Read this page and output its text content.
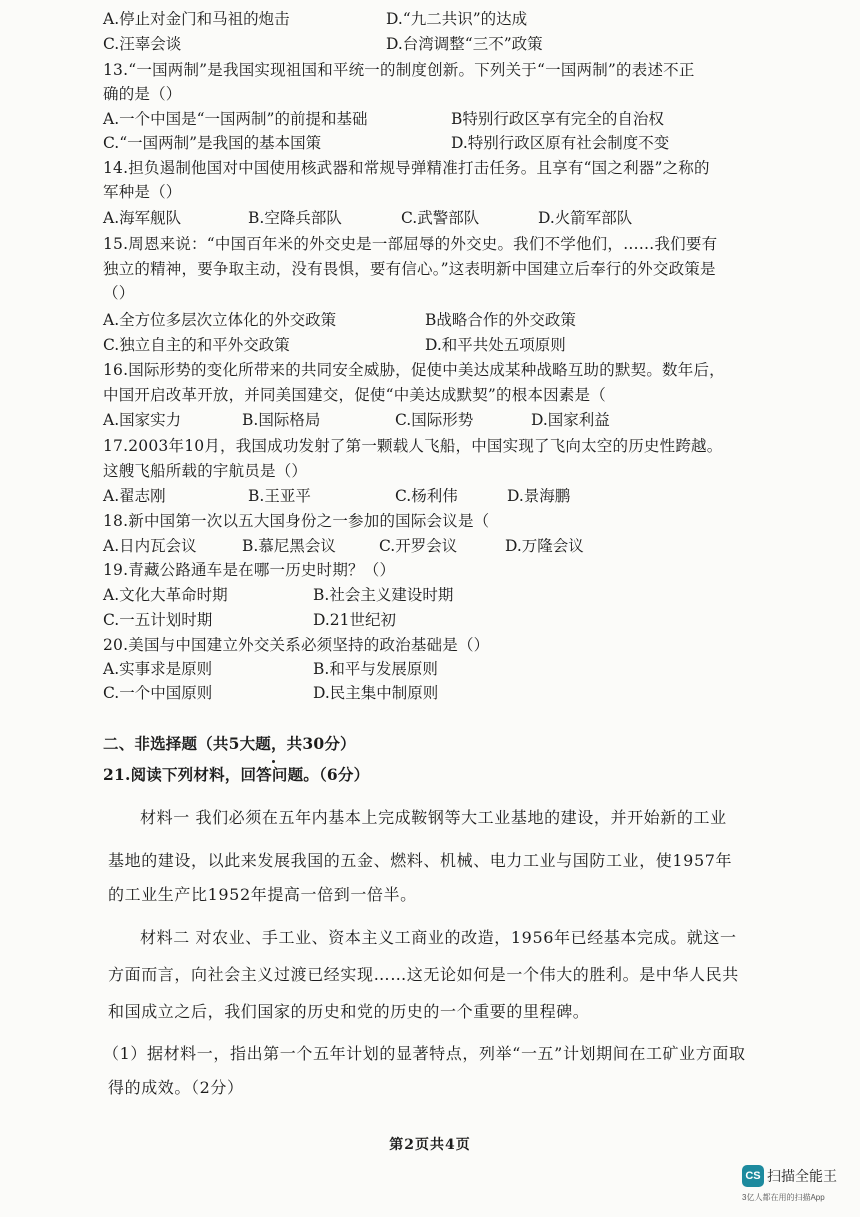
A.停止对金门和马祖的炮击	D.“九二共识”的达成
C.汪辜会谈	D.台湾调整“三不”政策
13.“一国两制”是我国实现祖国和平统一的制度创新。下列关于“一国两制”的表述不正
确的是（）
A.一个中国是“一国两制”的前提和基础	B特别行政区享有完全的自治权
C.“一国两制”是我国的基本国策	D.特别行政区原有社会制度不变
14.担负遏制他国对中国使用核武器和常规导弹精准打击任务。且享有“国之利器”之称的
军种是（）
A.海军舰队	B.空降兵部队	C.武警部队	D.火箭军部队
15.周恩来说：“中国百年米的外交史是一部屈辱的外交史。我们不学他们，……我们要有
独立的精神，要争取主动，没有畏惧，要有信心。”这表明新中国建立后奉行的外交政策是
（）
A.全方位多层次立体化的外交政策	B战略合作的外交政策
C.独立自主的和平外交政策	D.和平共处五项原则
16.国际形势的变化所带来的共同安全威胁，促使中美达成某种战略互助的默契。数年后，
中国开启改革开放，并同美国建交，促使“中美达成默契”的根本因素是（
A.国家实力	B.国际格局	C.国际形势	D.国家利益
17.2003年10月，我国成功发射了第一颗载人飞船，中国实现了飞向太空的历史性跨越。
这艘飞船所载的宇航员是（）
A.翟志刚	B.王亚平	C.杨利伟	D.景海鹏
18.新中国第一次以五大国身份之一参加的国际会议是（
A.日内瓦会议	B.慕尼黑会议	C.开罗会议	D.万隆会议
19.青藏公路通车是在哪一历史时期？（）
A.文化大革命时期	B.社会主义建设时期
C.一五计划时期	D.21世纪初
20.美国与中国建立外交关系必须坚持的政治基础是（）
A.实事求是原则	B.和平与发展原则
C.一个中国原则	D.民主集中制原则
二、非选择题（共5大题，共30分）
21.阅读下列材料，回答问题。（6分）
材料一 我们必须在五年内基本上完成鞍钢等大工业基地的建设，并开始新的工业
基地的建设，以此来发展我国的五金、燃料、机械、电力工业与国防工业，使1957年
的工业生产比1952年提高一倍到一倍半。
材料二 对农业、手工业、资本主义工商业的改造，1956年已经基本完成。就这一
方面而言，向社会主义过渡已经实现……这无论如何是一个伟大的胜利。是中华人民共
和国成立之后，我们国家的历史和党的历史的一个重要的里程碑。
（1）据材料一，指出第一个五年计划的显著特点，列举“一五”计划期间在工矿业方面取
得的成效。（2分）
第2页共4页
CS 扫描全能王
3亿人都在用的扫描App
